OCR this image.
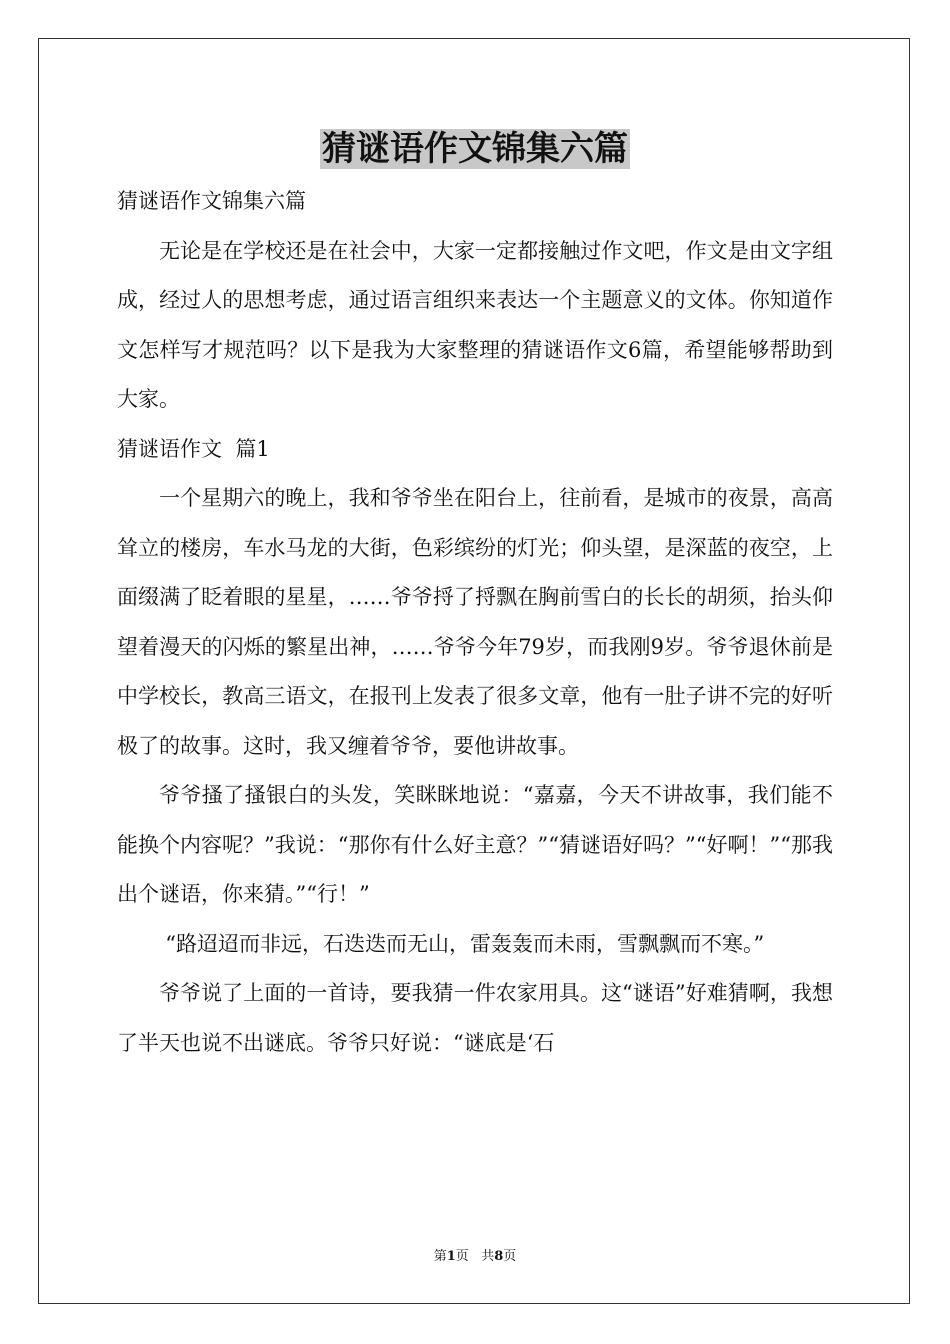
猜谜语作文锦集六篇

猜谜语作文锦集六篇

无论是在学校还是在社会中，大家一定都接触过作文吧，作文是由文字组成，经过人的思想考虑，通过语言组织来表达一个主题意义的文体。你知道作文怎样写才规范吗？以下是我为大家整理的猜谜语作文6篇，希望能够帮助到大家。

猜谜语作文  篇1

一个星期六的晚上，我和爷爷坐在阳台上，往前看，是城市的夜景，高高耸立的楼房，车水马龙的大街，色彩缤纷的灯光；仰头望，是深蓝的夜空，上面缀满了眨着眼的星星，……爷爷捋了捋飘在胸前雪白的长长的胡须，抬头仰望着漫天的闪烁的繁星出神，……爷爷今年79岁，而我刚9岁。爷爷退休前是中学校长，教高三语文，在报刊上发表了很多文章，他有一肚子讲不完的好听极了的故事。这时，我又缠着爷爷，要他讲故事。

爷爷搔了搔银白的头发，笑眯眯地说：“嘉嘉，今天不讲故事，我们能不能换个内容呢？”我说：“那你有什么好主意？”“猜谜语好吗？”“好啊！”“那我出个谜语，你来猜。”“行！”

“路迢迢而非远，石迭迭而无山，雷轰轰而未雨，雪飘飘而不寒。”

爷爷说了上面的一首诗，要我猜一件农家用具。这“谜语”好难猜啊，我想了半天也说不出谜底。爷爷只好说：“谜底是‘石

第1页 共8页
